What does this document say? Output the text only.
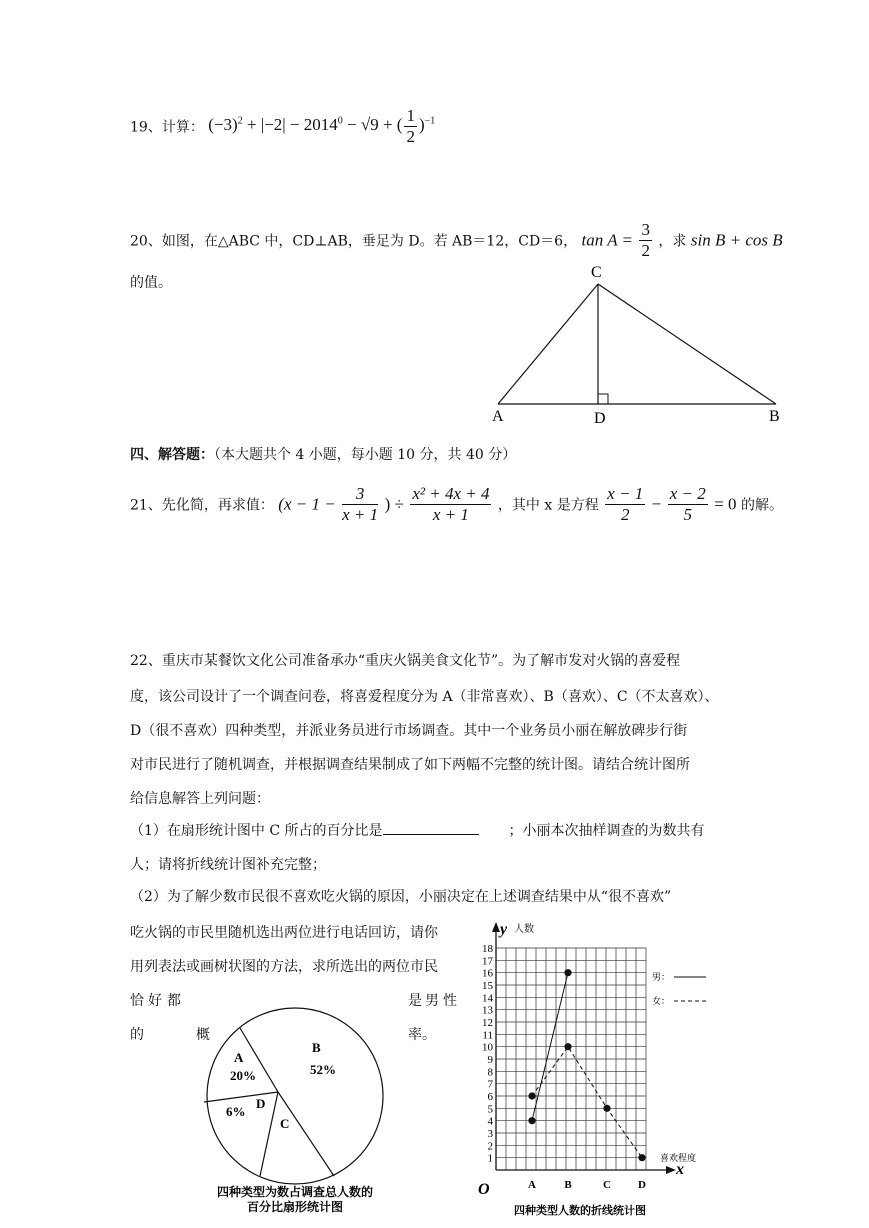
19、计算： $(-3)^2 + |-2| - 2014^0 - √9$ + ( $\frac{1}{2} )^{-1}$
20、如图，在△ABC 中，CD⊥AB，垂足为 D。若 AB＝12，CD＝6， $\tan A = \frac{3}{2}$ ，求 sin B + cos B
的值。
A	B
C
D
四、解答题：（本大题共个 4 小题，每小题 10 分，共 40 分）
21、先化简，再求值： ($x - 1 - \frac{3}{x + 1}$ ) ÷ $\frac{\text{x² + 4x + 4}}{x + 1}$ ，其中 x 是方程 $\frac{x - 1}{2} - \frac{x - 2}{5} = 0$ 的解。
22、重庆市某餐饮文化公司准备承办“重庆火锅美食文化节”。为了解市发对火锅的喜爱程
度，该公司设计了一个调查问卷，将喜爱程度分为 A（非常喜欢）、B（喜欢）、C（不太喜欢）、
D（很不喜欢）四种类型，并派业务员进行市场调查。其中一个业务员小丽在解放碑步行街
对市民进行了随机调查，并根据调查结果制成了如下两幅不完整的统计图。请结合统计图所
给信息解答上列问题：
（1）在扇形统计图中 C 所占的百分比是	；小丽本次抽样调查的为数共有
人；请将折线统计图补充完整；
（2）为了解少数市民很不喜欢吃火锅的原因，小丽决定在上述调查结果中从“很不喜欢”
吃火锅的市民里随机选出两位进行电话回访，请你
用列表法或画树状图的方法，求所选出的两位市民
恰 好 都	是 男 性
的	概	率。
A
20%
B
52%
C
D
6%
四种类型为数占调查总人数的
百分比扇形统计图
1
2
3
4
5
6
7
8
9
10
11
12
13
14
15
16
17
18
A	B	C D
y 人数
x
喜欢程度
O
男：
女：
四种类型人数的折线统计图
